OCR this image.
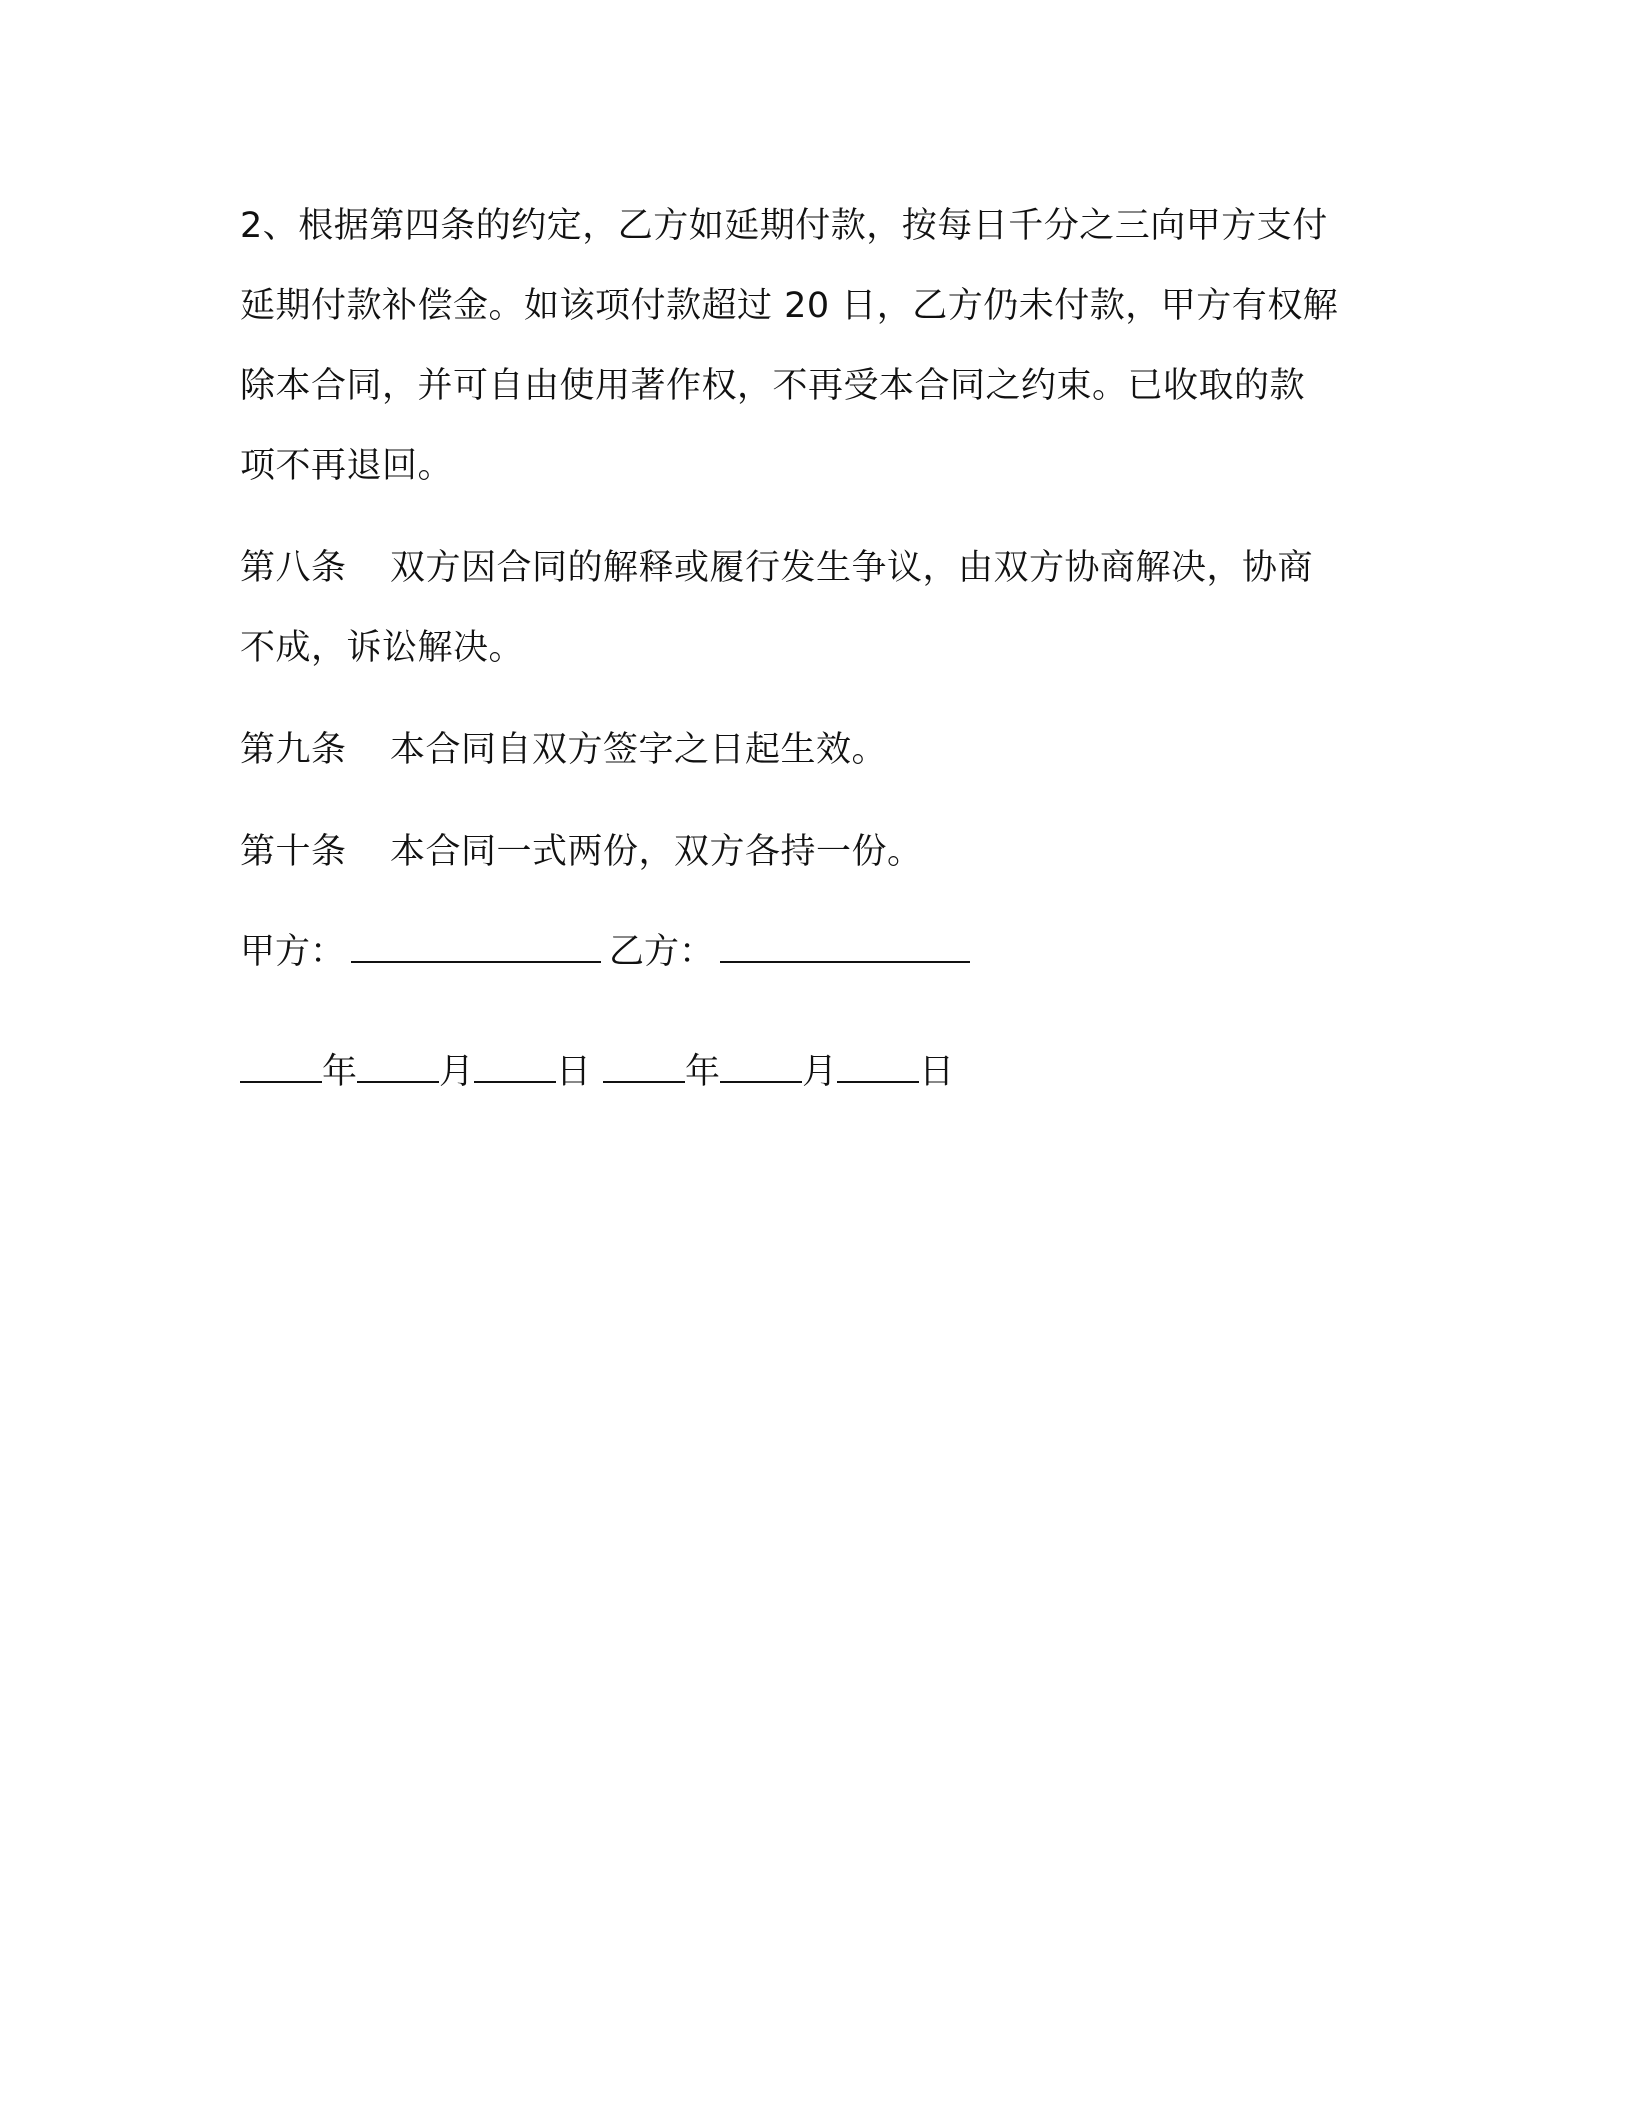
2、根据第四条的约定，乙方如延期付款，按每日千分之三向甲方支付
延期付款补偿金。如该项付款超过 20 日，乙方仍未付款，甲方有权解
除本合同，并可自由使用著作权，不再受本合同之约束。已收取的款
项不再退回。

第八条 双方因合同的解释或履行发生争议，由双方协商解决，协商
不成，诉讼解决。

第九条 本合同自双方签字之日起生效。

第十条 本合同一式两份，双方各持一份。

甲方：	乙方：
年 月 日	年 月 日
